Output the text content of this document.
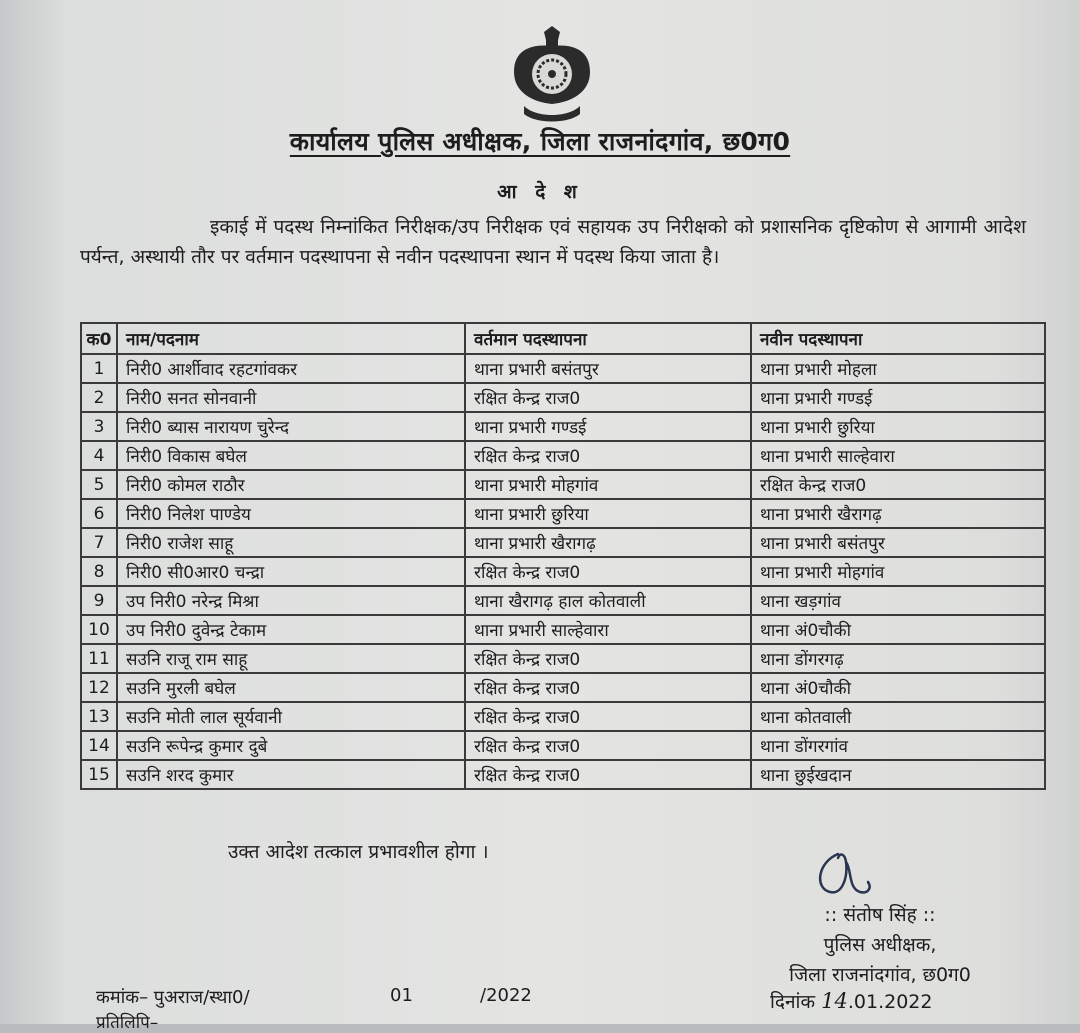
कार्यालय पुलिस अधीक्षक, जिला राजनांदगांव, छ0ग0
आ दे श
इकाई में पदस्थ निम्नांकित निरीक्षक/उप निरीक्षक एवं सहायक उप निरीक्षको को प्रशासनिक दृष्टिकोण से आगामी आदेश पर्यन्त, अस्थायी तौर पर वर्तमान पदस्थापना से नवीन पदस्थापना स्थान में पदस्थ किया जाता है।
क0	नाम/पदनाम	वर्तमान पदस्थापना	नवीन पदस्थापना
1	निरी0 आर्शीवाद रहटगांवकर	थाना प्रभारी बसंतपुर	थाना प्रभारी मोहला
2	निरी0 सनत सोनवानी	रक्षित केन्द्र राज0	थाना प्रभारी गण्डई
3	निरी0 ब्यास नारायण चुरेन्द	थाना प्रभारी गण्डई	थाना प्रभारी छुरिया
4	निरी0 विकास बघेल	रक्षित केन्द्र राज0	थाना प्रभारी साल्हेवारा
5	निरी0 कोमल राठौर	थाना प्रभारी मोहगांव	रक्षित केन्द्र राज0
6	निरी0 निलेश पाण्डेय	थाना प्रभारी छुरिया	थाना प्रभारी खैरागढ़
7	निरी0 राजेश साहू	थाना प्रभारी खैरागढ़	थाना प्रभारी बसंतपुर
8	निरी0 सी0आर0 चन्द्रा	रक्षित केन्द्र राज0	थाना प्रभारी मोहगांव
9	उप निरी0 नरेन्द्र मिश्रा	थाना खैरागढ़ हाल कोतवाली	थाना खड़गांव
10	उप निरी0 दुवेन्द्र टेकाम	थाना प्रभारी साल्हेवारा	थाना अं0चौकी
11	सउनि राजू राम साहू	रक्षित केन्द्र राज0	थाना डोंगरगढ़
12	सउनि मुरली बघेल	रक्षित केन्द्र राज0	थाना अं0चौकी
13	सउनि मोती लाल सूर्यवानी	रक्षित केन्द्र राज0	थाना कोतवाली
14	सउनि रूपेन्द्र कुमार दुबे	रक्षित केन्द्र राज0	थाना डोंगरगांव
15	सउनि शरद कुमार	रक्षित केन्द्र राज0	थाना छुईखदान
उक्त आदेश तत्काल प्रभावशील होगा ।
:: संतोष सिंह ::
पुलिस अधीक्षक,
जिला राजनांदगांव, छ0ग0
दिनांक 14.01.2022
कमांक– पुअराज/स्था0/	01	/2022
प्रतिलिपि–
